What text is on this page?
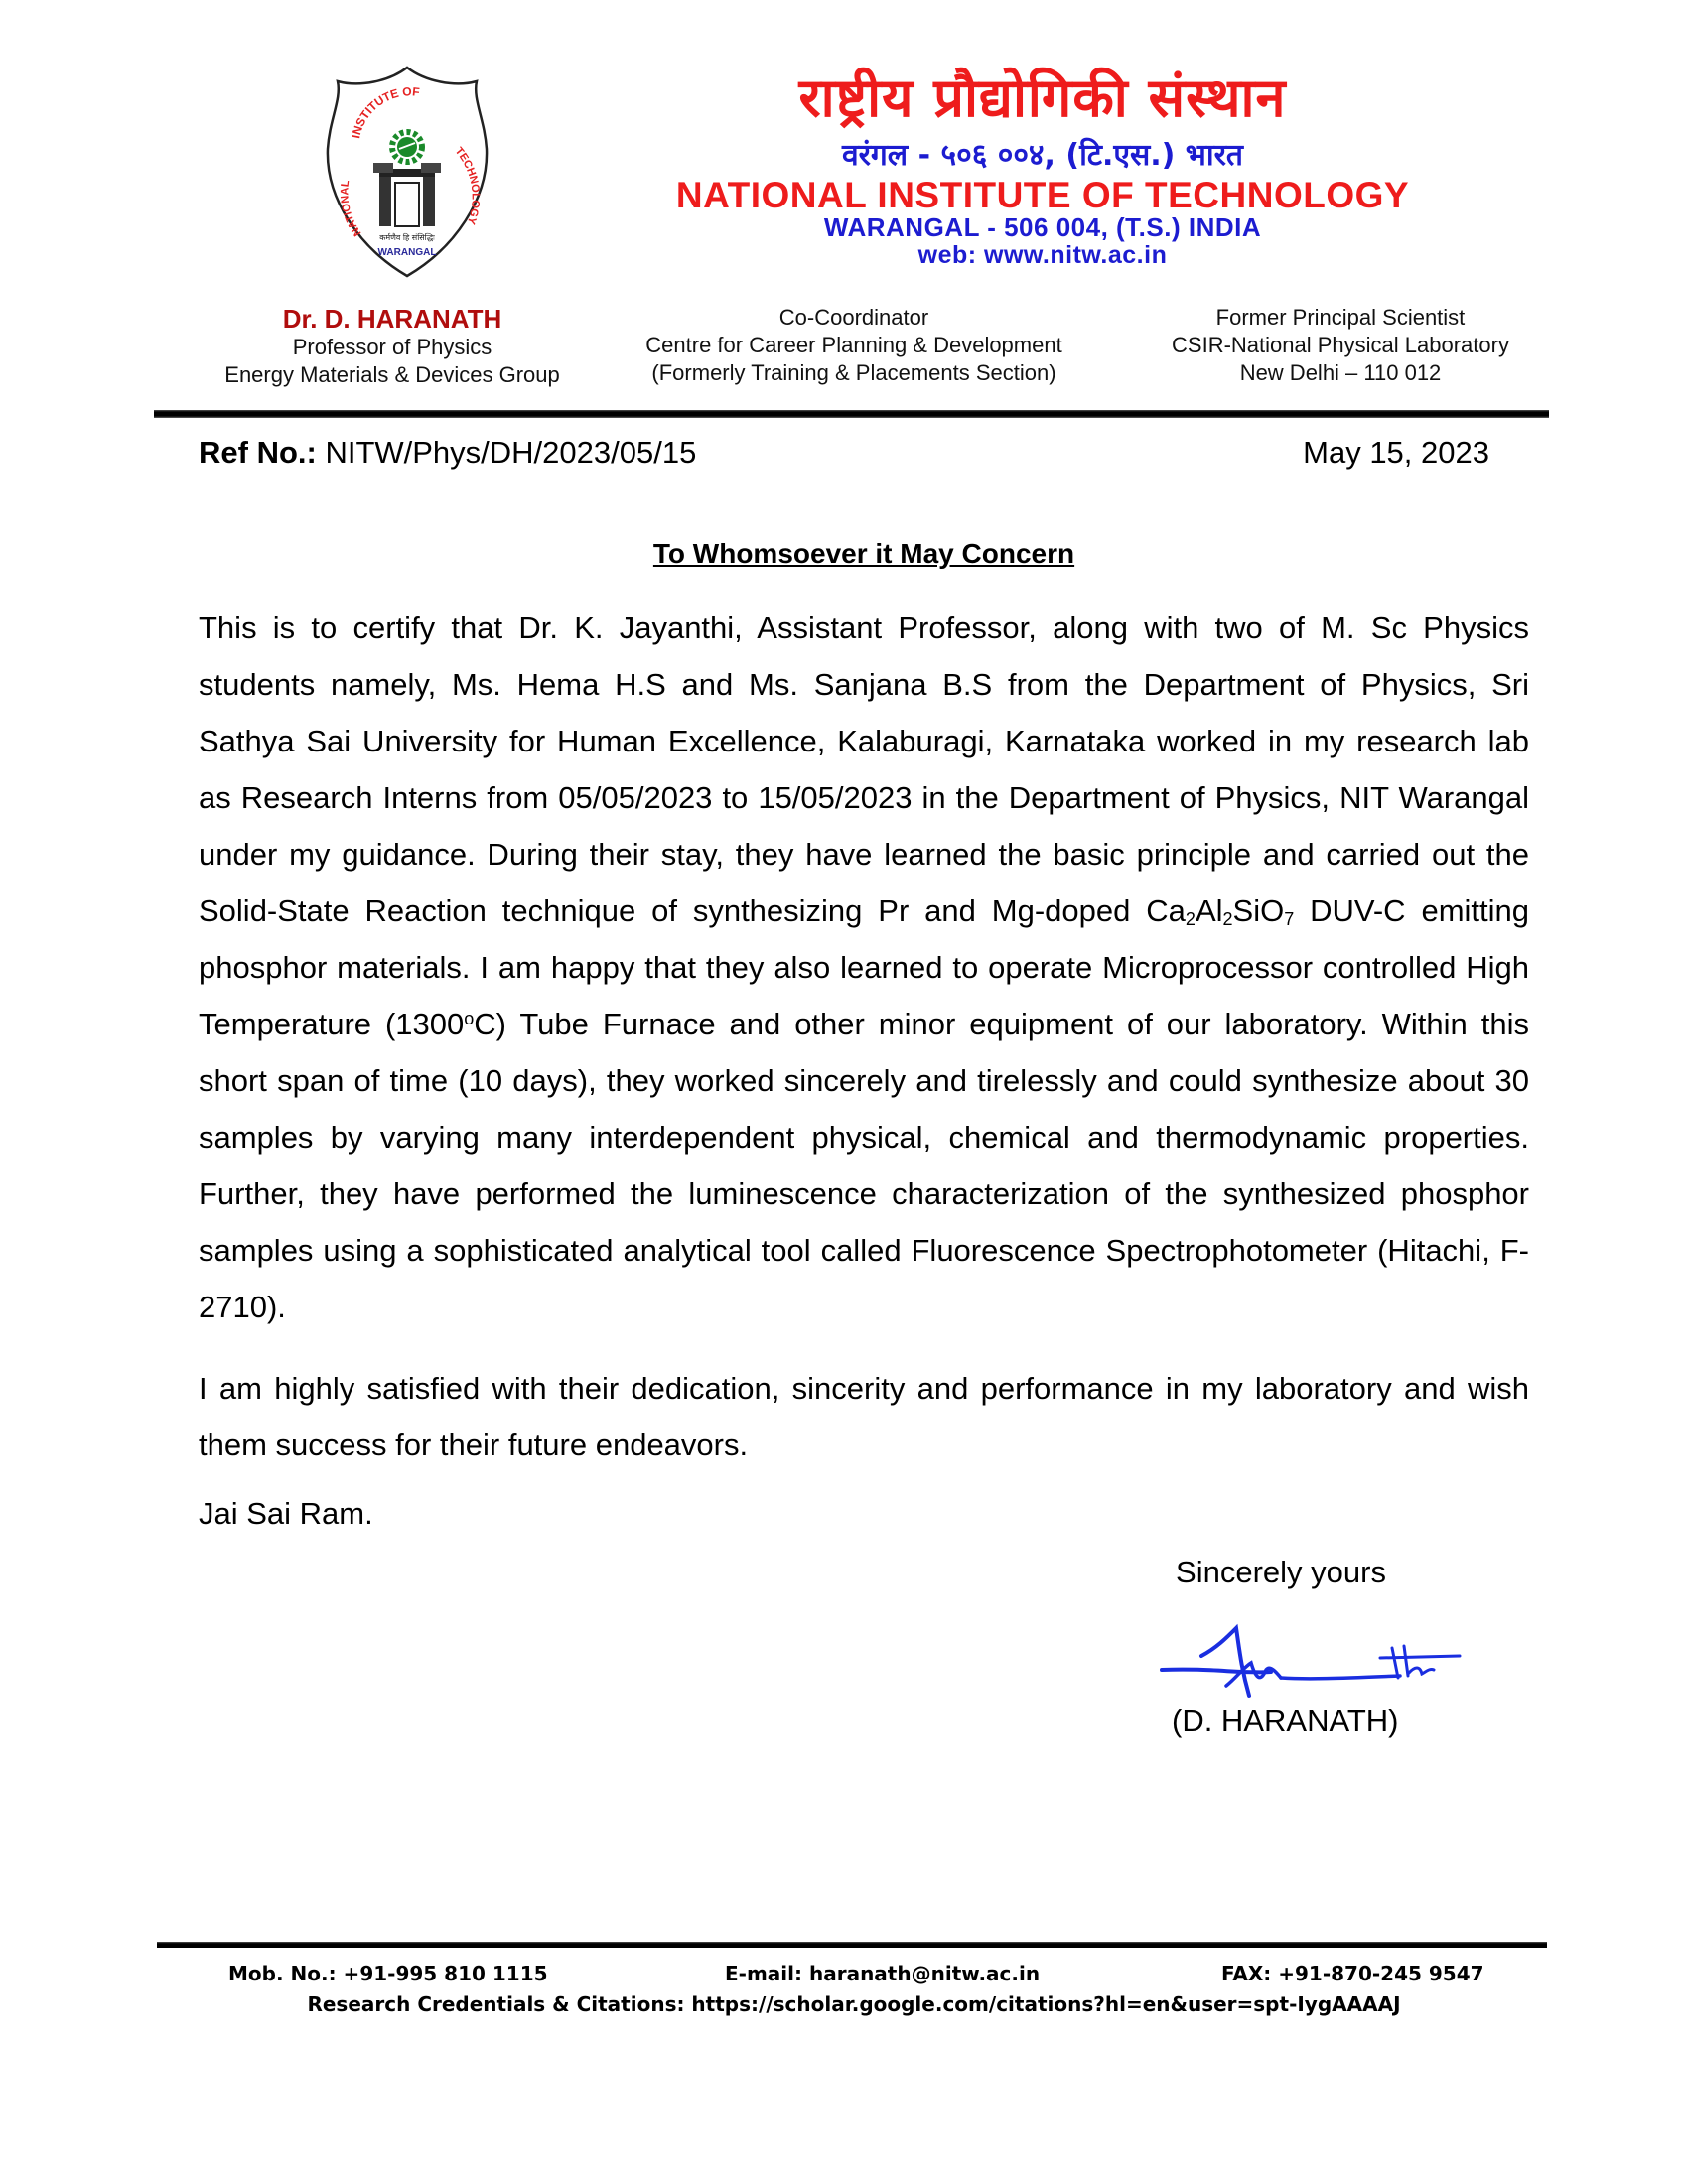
INSTITUTE OF
NATIONAL
TECHNOLOGY
कर्मणैव हि संसिद्धिः
WARANGAL
राष्ट्रीय प्रौद्योगिकी संस्थान
वरंगल - ५०६ ००४, (टि.एस.) भारत
NATIONAL INSTITUTE OF TECHNOLOGY
WARANGAL - 506 004, (T.S.) INDIA
web: www.nitw.ac.in
Dr. D. HARANATH
Professor of Physics
Energy Materials & Devices Group
Co-Coordinator
Centre for Career Planning & Development
(Formerly Training & Placements Section)
Former Principal Scientist
CSIR-National Physical Laboratory
New Delhi – 110 012
Ref No.: NITW/Phys/DH/2023/05/15	May 15, 2023
To Whomsoever it May Concern
This is to certify that Dr. K. Jayanthi, Assistant Professor, along with two of M. Sc Physics students namely, Ms. Hema H.S and Ms. Sanjana B.S from the Department of Physics, Sri Sathya Sai University for Human Excellence, Kalaburagi, Karnataka worked in my research lab as Research Interns from 05/05/2023 to 15/05/2023 in the Department of Physics, NIT Warangal under my guidance. During their stay, they have learned the basic principle and carried out the Solid-State Reaction technique of synthesizing Pr and Mg-doped $Ca_2Al_2SiO_7$ DUV-C emitting phosphor materials. I am happy that they also learned to operate Microprocessor controlled High Temperature (1300$^o$C) Tube Furnace and other minor equipment of our laboratory. Within this short span of time (10 days), they worked sincerely and tirelessly and could synthesize about 30 samples by varying many interdependent physical, chemical and thermodynamic properties. Further, they have performed the luminescence characterization of the synthesized phosphor samples using a sophisticated analytical tool called Fluorescence Spectrophotometer (Hitachi, F-2710).
I am highly satisfied with their dedication, sincerity and performance in my laboratory and wish them success for their future endeavors.
Jai Sai Ram.
Sincerely yours
(D. HARANATH)
Mob. No.: +91-995 810 1115	E-mail: haranath@nitw.ac.in	FAX: +91-870-245 9547
Research Credentials & Citations: https://scholar.google.com/citations?hl=en&user=spt-IygAAAAJ
